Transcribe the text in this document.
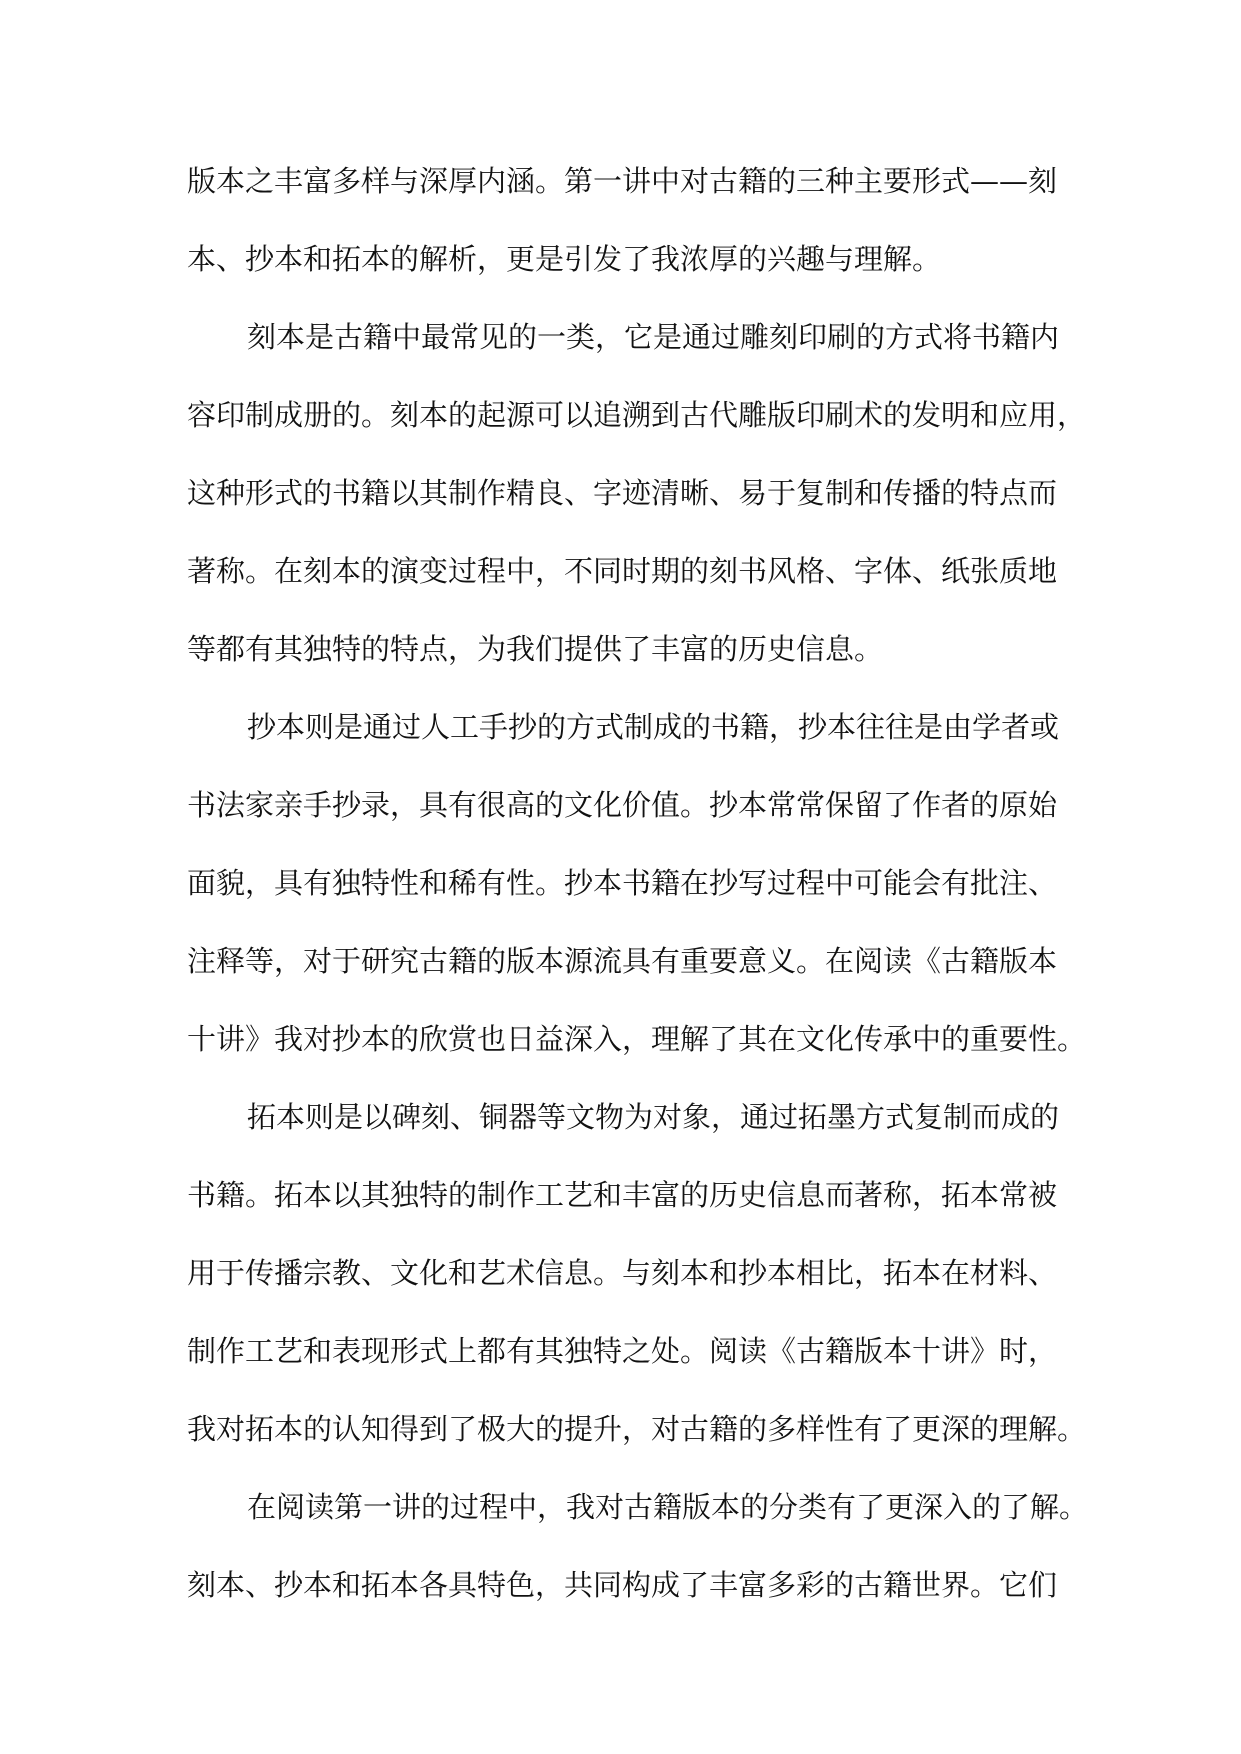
版本之丰富多样与深厚内涵。第一讲中对古籍的三种主要形式——刻
本、抄本和拓本的解析，更是引发了我浓厚的兴趣与理解。
刻本是古籍中最常见的一类，它是通过雕刻印刷的方式将书籍内
容印制成册的。刻本的起源可以追溯到古代雕版印刷术的发明和应用，
这种形式的书籍以其制作精良、字迹清晰、易于复制和传播的特点而
著称。在刻本的演变过程中，不同时期的刻书风格、字体、纸张质地
等都有其独特的特点，为我们提供了丰富的历史信息。
抄本则是通过人工手抄的方式制成的书籍，抄本往往是由学者或
书法家亲手抄录，具有很高的文化价值。抄本常常保留了作者的原始
面貌，具有独特性和稀有性。抄本书籍在抄写过程中可能会有批注、
注释等，对于研究古籍的版本源流具有重要意义。在阅读《古籍版本
十讲》我对抄本的欣赏也日益深入，理解了其在文化传承中的重要性。
拓本则是以碑刻、铜器等文物为对象，通过拓墨方式复制而成的
书籍。拓本以其独特的制作工艺和丰富的历史信息而著称，拓本常被
用于传播宗教、文化和艺术信息。与刻本和抄本相比，拓本在材料、
制作工艺和表现形式上都有其独特之处。阅读《古籍版本十讲》时，
我对拓本的认知得到了极大的提升，对古籍的多样性有了更深的理解。
在阅读第一讲的过程中，我对古籍版本的分类有了更深入的了解。
刻本、抄本和拓本各具特色，共同构成了丰富多彩的古籍世界。它们
